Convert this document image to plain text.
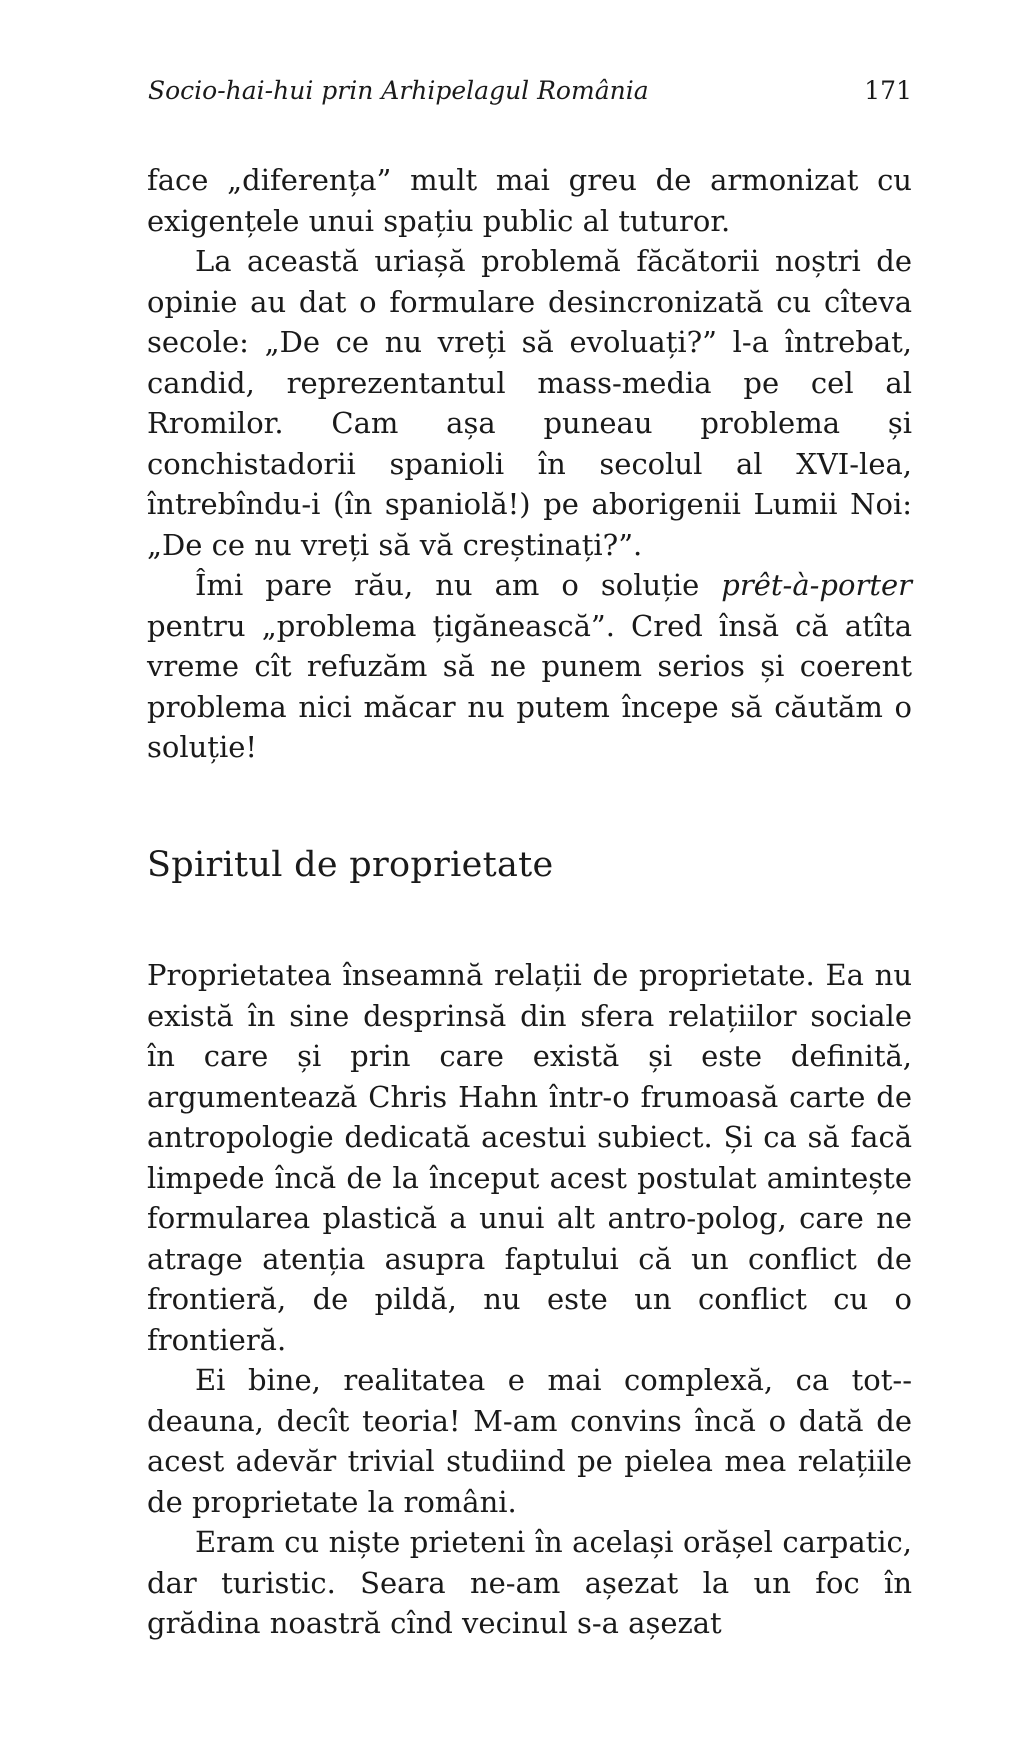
Socio-hai-hui prin Arhipelagul România	171

face „diferența” mult mai greu de armonizat cu exigențele unui spațiu public al tuturor.

La această uriașă problemă făcătorii noștri de opinie au dat o formulare desincronizată cu cîteva secole: „De ce nu vreți să evoluați?” l-a întrebat, candid, reprezentantul mass-media pe cel al Rromilor. Cam așa puneau problema și conchistadorii spanioli în secolul al XVI-lea, întrebîndu-i (în spaniolă!) pe aborigenii Lumii Noi: „De ce nu vreți să vă creștinați?”.

Îmi pare rău, nu am o soluție prêt-à-porter pentru „problema țigănească”. Cred însă că atîta vreme cît refuzăm să ne punem serios și coerent problema nici măcar nu putem începe să căutăm o soluție!

Spiritul de proprietate

Proprietatea înseamnă relații de proprietate. Ea nu există în sine desprinsă din sfera relațiilor sociale în care și prin care există și este definită, argumentează Chris Hahn într-o frumoasă carte de antropologie dedicată acestui subiect. Și ca să facă limpede încă de la început acest postulat amintește formularea plastică a unui alt antro-polog, care ne atrage atenția asupra faptului că un conflict de frontieră, de pildă, nu este un conflict cu o frontieră.

Ei bine, realitatea e mai complexă, ca tot-deauna, decît teoria! M-am convins încă o dată de acest adevăr trivial studiind pe pielea mea relațiile de proprietate la români.

Eram cu niște prieteni în același orășel carpatic, dar turistic. Seara ne-am așezat la un foc în grădina noastră cînd vecinul s-a așezat
